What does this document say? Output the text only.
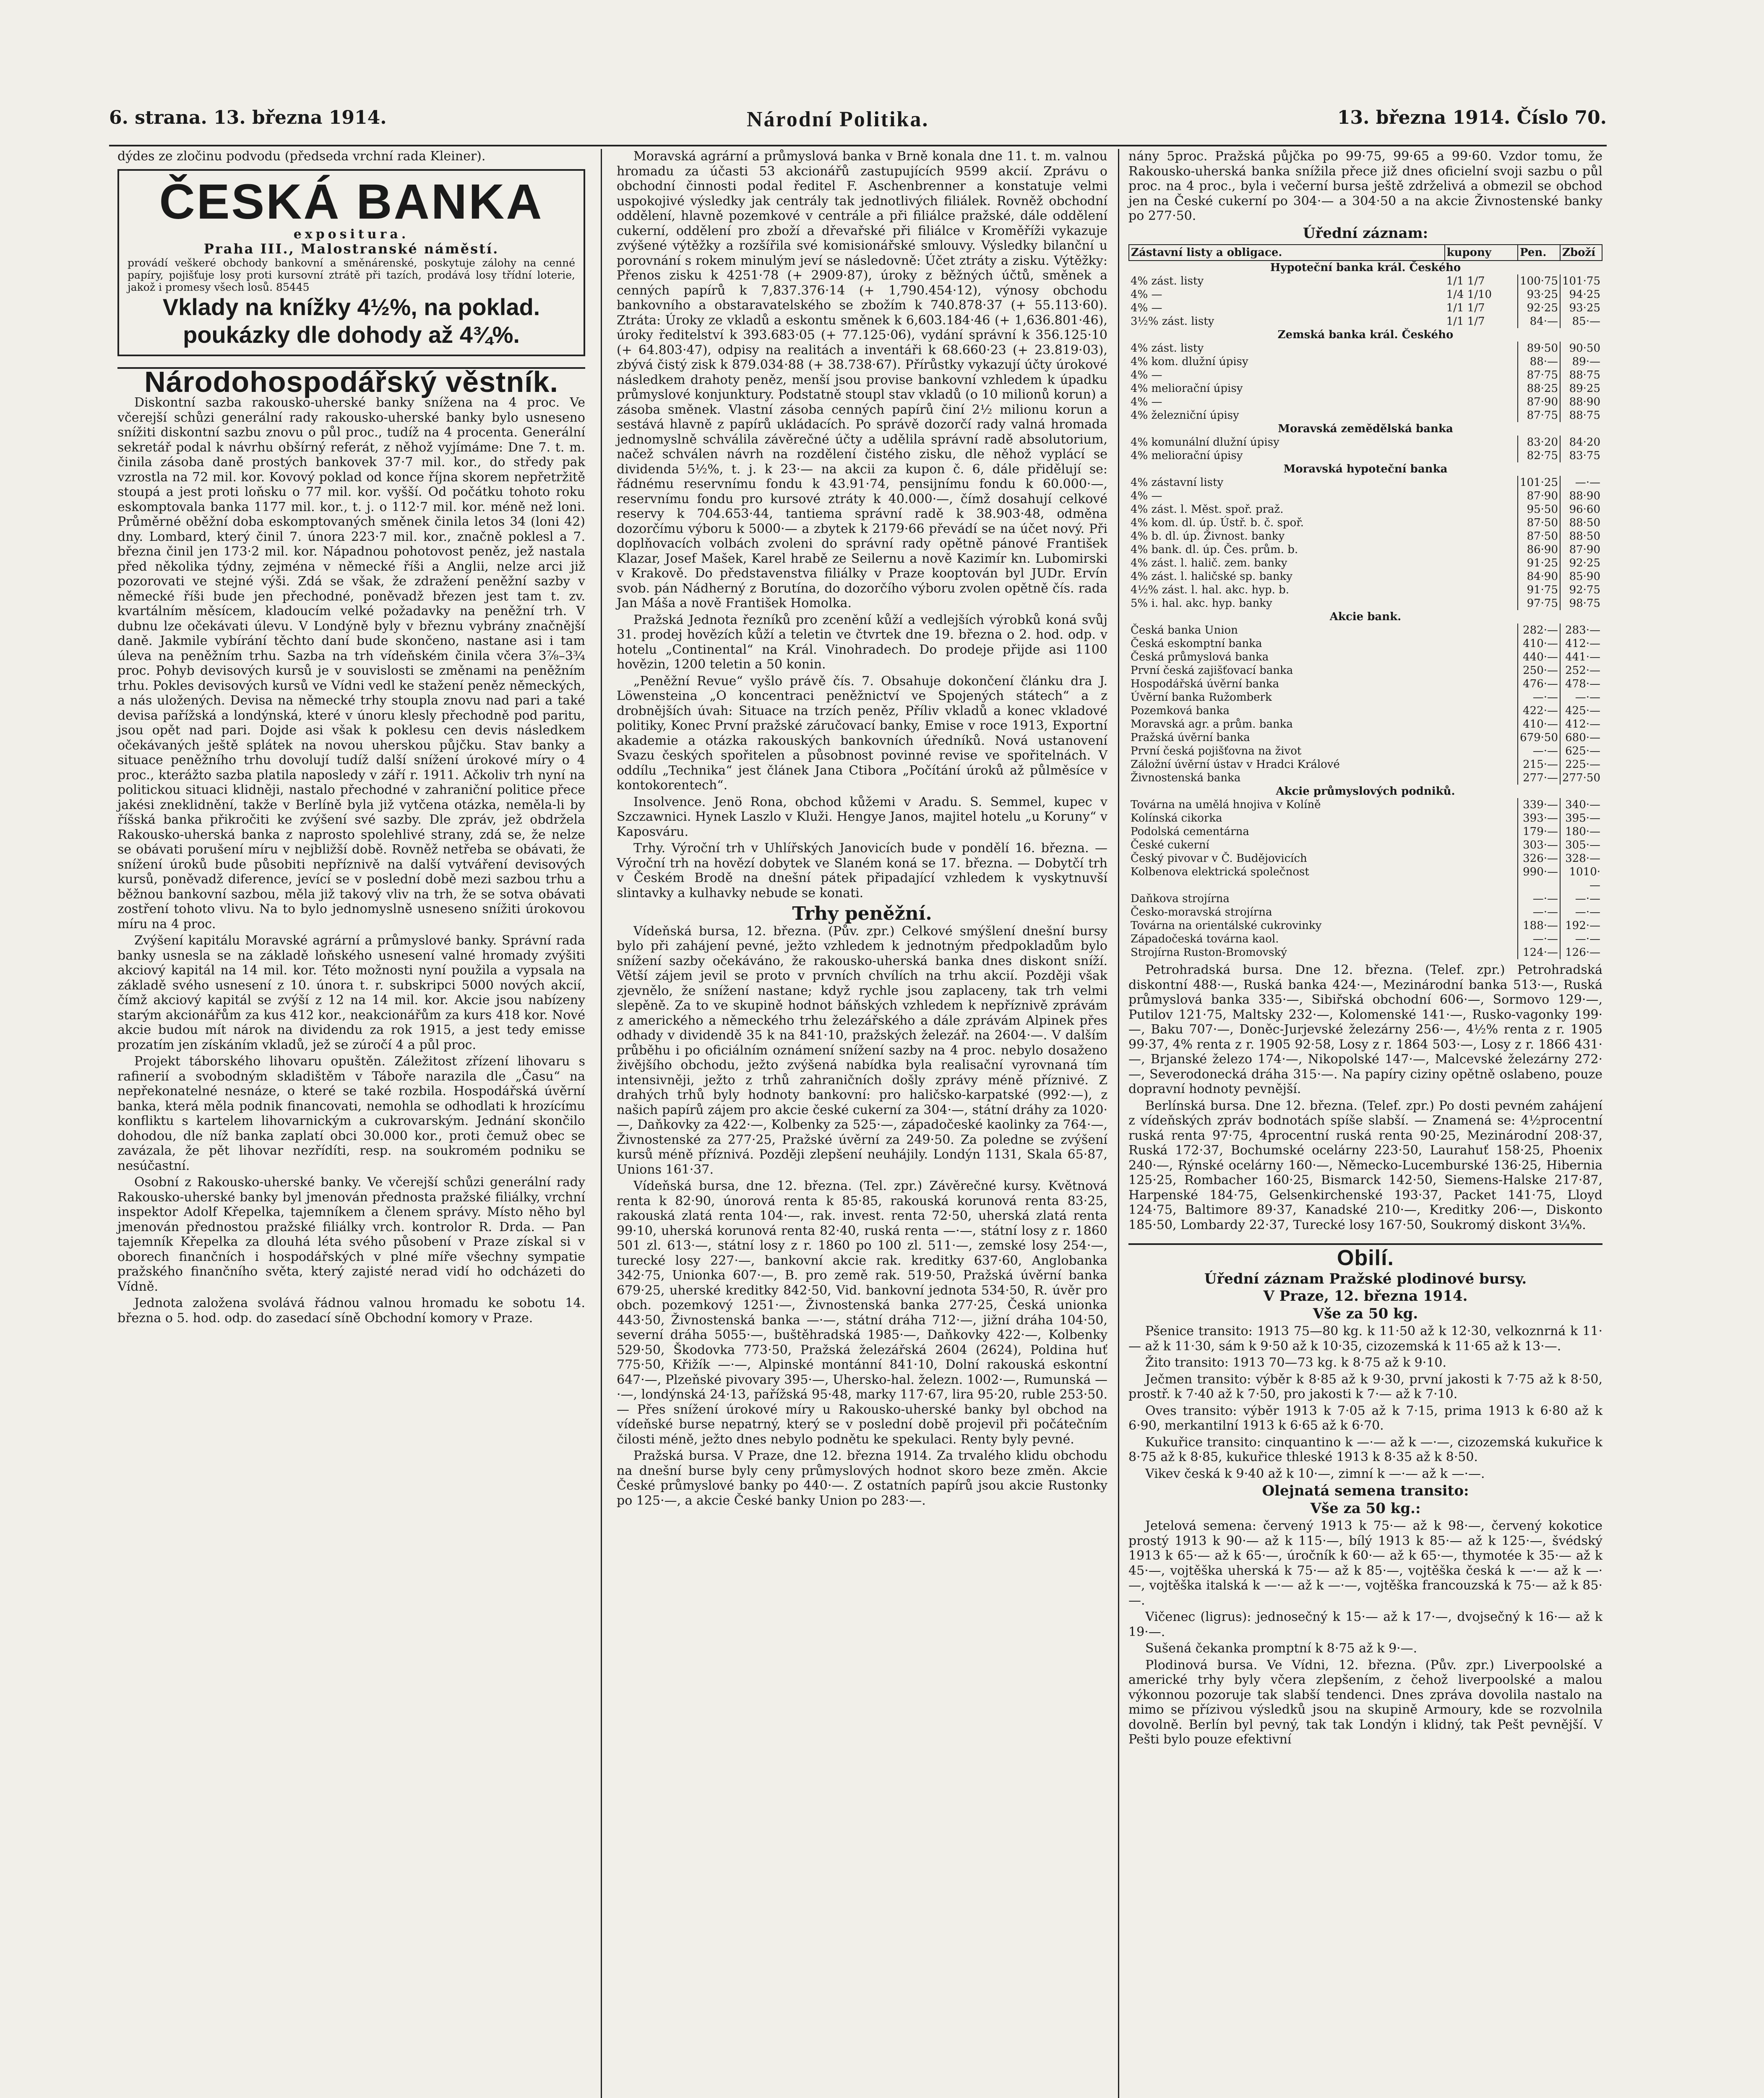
6. strana. 13. března 1914.	Národní Politika.	13. března 1914. Číslo 70.

dýdes ze zločinu podvodu (předseda vrchní rada Kleiner).

ČESKÁ BANKA
expositura.
Praha III., Malostranské náměstí.
provádí veškeré obchody bankovní a směnárenské, poskytuje zálohy na cenné papíry, pojišťuje losy proti kursovní ztrátě při tazích, prodává losy třídní loterie, jakož i promesy všech losů. 85445
Vklady na knížky 4½%, na poklad.
poukázky dle dohody až 4¾%.
Národohospodářský věstník.

Diskontní sazba rakousko-uherské banky snížena na 4 proc. Ve včerejší schůzi generální rady rakousko-uherské banky bylo usneseno snížiti diskontní sazbu znovu o půl proc., tudíž na 4 procenta. Generální sekretář podal k návrhu obšírný referát, z něhož vyjímáme: Dne 7. t. m. činila zásoba daně prostých bankovek 37·7 mil. kor., do středy pak vzrostla na 72 mil. kor. Kovový poklad od konce října skorem nepřetržitě stoupá a jest proti loňsku o 77 mil. kor. vyšší. Od počátku tohoto roku eskomptovala banka 1177 mil. kor., t. j. o 112·7 mil. kor. méně než loni. Průměrné oběžní doba eskomptovaných směnek činila letos 34 (loni 42) dny. Lombard, který činil 7. února 223·7 mil. kor., značně poklesl a 7. března činil jen 173·2 mil. kor. Nápadnou pohotovost peněz, jež nastala před několika týdny, zejména v německé říši a Anglii, nelze arci již pozorovati ve stejné výši. Zdá se však, že zdražení peněžní sazby v německé říši bude jen přechodné, poněvadž březen jest tam t. zv. kvartálním měsícem, kladoucím velké požadavky na peněžní trh. V dubnu lze očekávati úlevu. V Londýně byly v březnu vybrány značnější daně. Jakmile vybírání těchto daní bude skončeno, nastane asi i tam úleva na peněžním trhu. Sazba na trh vídeňském činila včera 3⅞–3¾ proc. Pohyb devisových kursů je v souvislosti se změnami na peněžním trhu. Pokles devisových kursů ve Vídni vedl ke stažení peněz německých, a nás uložených. Devisa na německé trhy stoupla znovu nad pari a také devisa pařížská a londýnská, které v únoru klesly přechodně pod paritu, jsou opět nad pari. Dojde asi však k poklesu cen devis následkem očekávaných ještě splátek na novou uherskou půjčku. Stav banky a situace peněžního trhu dovolují tudíž další snížení úrokové míry o 4 proc., kterážto sazba platila naposledy v září r. 1911. Ačkoliv trh nyní na politickou situaci klidněji, nastalo přechodné v zahraniční politice přece jakési zneklidnění, takže v Berlíně byla již vytčena otázka, neměla-li by říšská banka přikročiti ke zvýšení své sazby. Dle zpráv, jež obdržela Rakousko-uherská banka z naprosto spolehlivé strany, zdá se, že nelze se obávati porušení míru v nejbližší době. Rovněž netřeba se obávati, že snížení úroků bude působiti nepříznivě na další vytváření devisových kursů, poněvadž diference, jevící se v poslední době mezi sazbou trhu a běžnou bankovní sazbou, měla již takový vliv na trh, že se sotva obávati zostření tohoto vlivu. Na to bylo jednomyslně usneseno snížiti úrokovou míru na 4 proc.

Zvýšení kapitálu Moravské agrární a průmyslové banky. Správní rada banky usnesla se na základě loňského usnesení valné hromady zvýšiti akciový kapitál na 14 mil. kor. Této možnosti nyní použila a vypsala na základě svého usnesení z 10. února t. r. subskripci 5000 nových akcií, čímž akciový kapitál se zvýší z 12 na 14 mil. kor. Akcie jsou nabízeny starým akcionářům za kus 412 kor., neakcionářům za kurs 418 kor. Nové akcie budou mít nárok na dividendu za rok 1915, a jest tedy emisse prozatím jen získáním vkladů, jež se zúročí 4 a půl proc.

Projekt táborského lihovaru opuštěn. Záležitost zřízení lihovaru s rafinerií a svobodným skladištěm v Táboře narazila dle „Času“ na nepřekonatelné nesnáze, o které se také rozbila. Hospodářská úvěrní banka, která měla podnik financovati, nemohla se odhodlati k hrozícímu konfliktu s kartelem lihovarnickým a cukrovarským. Jednání skončilo dohodou, dle níž banka zaplatí obci 30.000 kor., proti čemuž obec se zavázala, že pět lihovar nezřídíti, resp. na soukromém podniku se nesúčastní.

Osobní z Rakousko-uherské banky. Ve včerejší schůzi generální rady Rakousko-uherské banky byl jmenován přednosta pražské filiálky, vrchní inspektor Adolf Křepelka, tajemníkem a členem správy. Místo něho byl jmenován přednostou pražské filiálky vrch. kontrolor R. Drda. — Pan tajemník Křepelka za dlouhá léta svého působení v Praze získal si v oborech finančních i hospodářských v plné míře všechny sympatie pražského finančního světa, který zajisté nerad vidí ho odcházeti do Vídně.

Jednota založena svolává řádnou valnou hromadu ke sobotu 14. března o 5. hod. odp. do zasedací síně Obchodní komory v Praze.

Moravská agrární a průmyslová banka v Brně konala dne 11. t. m. valnou hromadu za účasti 53 akcionářů zastupujících 9599 akcií. Zprávu o obchodní činnosti podal ředitel F. Aschenbrenner a konstatuje velmi uspokojivé výsledky jak centrály tak jednotlivých filiálek. Rovněž obchodní oddělení, hlavně pozemkové v centrále a při filiálce pražské, dále oddělení cukerní, oddělení pro zboží a dřevařské při filiálce v Kroměříži vykazuje zvýšené výtěžky a rozšířila své komisionářské smlouvy. Výsledky bilanční u porovnání s rokem minulým jeví se následovně: Účet ztráty a zisku. Výtěžky: Přenos zisku k 4251·78 (+ 2909·87), úroky z běžných účtů, směnek a cenných papírů k 7,837.376·14 (+ 1,790.454·12), výnosy obchodu bankovního a obstaravatelského se zbožím k 740.878·37 (+ 55.113·60). Ztráta: Úroky ze vkladů a eskontu směnek k 6,603.184·46 (+ 1,636.801·46), úroky ředitelství k 393.683·05 (+ 77.125·06), vydání správní k 356.125·10 (+ 64.803·47), odpisy na realitách a inventáři k 68.660·23 (+ 23.819·03), zbývá čistý zisk k 879.034·88 (+ 38.738·67). Přírůstky vykazují účty úrokové následkem drahoty peněz, menší jsou provise bankovní vzhledem k úpadku průmyslové konjunktury. Podstatně stoupl stav vkladů (o 10 milionů korun) a zásoba směnek. Vlastní zásoba cenných papírů činí 2½ milionu korun a sestává hlavně z papírů ukládacích. Po správě dozorčí rady valná hromada jednomyslně schválila závěrečné účty a udělila správní radě absolutorium, načež schválen návrh na rozdělení čistého zisku, dle něhož vyplácí se dividenda 5½%, t. j. k 23·— na akcii za kupon č. 6, dále přidělují se: řádnému reservnímu fondu k 43.91·74, pensijnímu fondu k 60.000·—, reservnímu fondu pro kursové ztráty k 40.000·—, čímž dosahují celkové reservy k 704.653·44, tantiema správní radě k 38.903·48, odměna dozorčímu výboru k 5000·— a zbytek k 2179·66 převádí se na účet nový. Při doplňovacích volbách zvoleni do správní rady opětně pánové František Klazar, Josef Mašek, Karel hrabě ze Seilernu a nově Kazimír kn. Lubomirski v Krakově. Do představenstva filiálky v Praze kooptován byl JUDr. Ervín svob. pán Nádherný z Borutína, do dozorčího výboru zvolen opětně čís. rada Jan Máša a nově František Homolka.

Pražská Jednota řezníků pro zcenění kůží a vedlejších výrobků koná svůj 31. prodej hovězích kůží a teletin ve čtvrtek dne 19. března o 2. hod. odp. v hotelu „Continental“ na Král. Vinohradech. Do prodeje přijde asi 1100 hovězin, 1200 teletin a 50 konin.

„Peněžní Revue“ vyšlo právě čís. 7. Obsahuje dokončení článku dra J. Löwensteina „O koncentraci peněžnictví ve Spojených státech“ a z drobnějších úvah: Situace na trzích peněz, Příliv vkladů a konec vkladové politiky, Konec První pražské záručovací banky, Emise v roce 1913, Exportní akademie a otázka rakouských bankovních úředníků. Nová ustanovení Svazu českých spořitelen a působnost povinné revise ve spořitelnách. V oddílu „Technika“ jest článek Jana Ctibora „Počítání úroků až půlměsíce v kontokorentech“.

Insolvence. Jenö Rona, obchod kůžemi v Aradu. S. Semmel, kupec v Szczawnici. Hynek Laszlo v Kluži. Hengye Janos, majitel hotelu „u Koruny“ v Kaposváru.

Trhy. Výroční trh v Uhlířských Janovicích bude v pondělí 16. března. — Výroční trh na hovězí dobytek ve Slaném koná se 17. března. — Dobytčí trh v Českém Brodě na dnešní pátek připadající vzhledem k vyskytnuvší slintavky a kulhavky nebude se konati.

Trhy peněžní.

Vídeňská bursa, 12. března. (Pův. zpr.) Celkové smýšlení dnešní bursy bylo při zahájení pevné, ježto vzhledem k jednotným předpokladům bylo snížení sazby očekáváno, že rakousko-uherská banka dnes diskont sníží. Větší zájem jevil se proto v prvních chvílích na trhu akcií. Později však zjevnělo, že snížení nastane; když rychle jsou zaplaceny, tak trh velmi slepěně. Za to ve skupině hodnot báňských vzhledem k nepříznivě zprávám z amerického a německého trhu železářského a dále zprávám Alpinek přes odhady v dividendě 35 k na 841·10, pražských železář. na 2604·—. V dalším průběhu i po oficiálním oznámení snížení sazby na 4 proc. nebylo dosaženo živějšího obchodu, ježto zvýšená nabídka byla realisační vyrovnaná tím intensivněji, ježto z trhů zahraničních došly zprávy méně příznivé. Z drahých trhů byly hodnoty bankovní: pro haličsko-karpatské (992·—), z našich papírů zájem pro akcie české cukerní za 304·—, státní dráhy za 1020·—, Daňkovky za 422·—, Kolbenky za 525·—, západočeské kaolinky za 764·—, Živnostenské za 277·25, Pražské úvěrní za 249·50. Za poledne se zvýšení kursů méně příznivá. Později zlepšení neuhájily. Londýn 1131, Skala 65·87, Unions 161·37.

Vídeňská bursa, dne 12. března. (Tel. zpr.) Závěrečné kursy. Květnová renta k 82·90, únorová renta k 85·85, rakouská korunová renta 83·25, rakouská zlatá renta 104·—, rak. invest. renta 72·50, uherská zlatá renta 99·10, uherská korunová renta 82·40, ruská renta —·—, státní losy z r. 1860 501 zl. 613·—, státní losy z r. 1860 po 100 zl. 511·—, zemské losy 254·—, turecké losy 227·—, bankovní akcie rak. kreditky 637·60, Anglobanka 342·75, Unionka 607·—, B. pro země rak. 519·50, Pražská úvěrní banka 679·25, uherské kreditky 842·50, Vid. bankovní jednota 534·50, R. úvěr pro obch. pozemkový 1251·—, Živnostenská banka 277·25, Česká unionka 443·50, Živnostenská banka —·—, státní dráha 712·—, jižní dráha 104·50, severní dráha 5055·—, buštěhradská 1985·—, Daňkovky 422·—, Kolbenky 529·50, Škodovka 773·50, Pražská železářská 2604 (2624), Poldina huť 775·50, Křižík —·—, Alpinské montánní 841·10, Dolní rakouská eskontní 647·—, Plzeňské pivovary 395·—, Uhersko-hal. železn. 1002·—, Rumunská —·—, londýnská 24·13, pařížská 95·48, marky 117·67, lira 95·20, ruble 253·50. — Přes snížení úrokové míry u Rakousko-uherské banky byl obchod na vídeňské burse nepatrný, který se v poslední době projevil při počátečním čilosti méně, ježto dnes nebylo podnětu ke spekulaci. Renty byly pevné.

Pražská bursa. V Praze, dne 12. března 1914. Za trvalého klidu obchodu na dnešní burse byly ceny průmyslových hodnot skoro beze změn. Akcie České průmyslové banky po 440·—. Z ostatních papírů jsou akcie Rustonky po 125·—, a akcie České banky Union po 283·—.

nány 5proc. Pražská půjčka po 99·75, 99·65 a 99·60. Vzdor tomu, že Rakousko-uherská banka snížila přece již dnes oficielní svoji sazbu o půl proc. na 4 proc., byla i večerní bursa ještě zdrželivá a obmezil se obchod jen na České cukerní po 304·— a 304·50 a na akcie Živnostenské banky po 277·50.

Úřední záznam:
Zástavní listy a obligace.	kupony	Pen.	Zboží
Hypoteční banka král. Českého			
4% zást. listy	1/1 1/7	100·75	101·75
4% —	1/4 1/10	93·25	94·25
4% —	1/1 1/7	92·25	93·25
3½% zást. listy	1/1 1/7	84·—	85·—
Zemská banka král. Českého			
4% zást. listy		89·50	90·50
4% kom. dlužní úpisy		88·—	89·—
4% —		87·75	88·75
4% meliorační úpisy		88·25	89·25
4% —		87·90	88·90
4% železniční úpisy		87·75	88·75
Moravská zemědělská banka			
4% komunální dlužní úpisy		83·20	84·20
4% meliorační úpisy		82·75	83·75
Moravská hypoteční banka			
4% zástavní listy		101·25	—·—
4% —		87·90	88·90
4% zást. l. Měst. spoř. praž.		95·50	96·60
4% kom. dl. úp. Ústř. b. č. spoř.		87·50	88·50
4% b. dl. úp. Živnost. banky		87·50	88·50
4% bank. dl. úp. Čes. prům. b.		86·90	87·90
4% zást. l. halič. zem. banky		91·25	92·25
4% zást. l. haličské sp. banky		84·90	85·90
4½% zást. l. hal. akc. hyp. b.		91·75	92·75
5% i. hal. akc. hyp. banky		97·75	98·75
Akcie bank.			
Česká banka Union		282·—	283·—
Česká eskomptní banka		410·—	412·—
Česká průmyslová banka		440·—	441·—
První česká zajišťovací banka		250·—	252·—
Hospodářská úvěrní banka		476·—	478·—
Úvěrní banka Ružomberk		—·—	—·—
Pozemková banka		422·—	425·—
Moravská agr. a prům. banka		410·—	412·—
Pražská úvěrní banka		679·50	680·—
První česká pojišťovna na život		—·—	625·—
Záložní úvěrní ústav v Hradci Králové		215·—	225·—
Živnostenská banka		277·—	277·50
Akcie průmyslových podniků.			
Továrna na umělá hnojiva v Kolíně		339·—	340·—
Kolínská cikorka		393·—	395·—
Podolská cementárna		179·—	180·—
České cukerní		303·—	305·—
Český pivovar v Č. Budějovicích		326·—	328·—
Kolbenova elektrická společnost		990·—	1010·—
Daňkova strojírna		—·—	—·—
Česko-moravská strojírna		—·—	—·—
Továrna na orientálské cukrovinky		188·—	192·—
Západočeská továrna kaol.		—·—	—·—
Strojírna Ruston-Bromovský		124·—	126·—

Petrohradská bursa. Dne 12. března. (Telef. zpr.) Petrohradská diskontní 488·—, Ruská banka 424·—, Mezinárodní banka 513·—, Ruská průmyslová banka 335·—, Sibiřská obchodní 606·—, Sormovo 129·—, Putilov 121·75, Maltsky 232·—, Kolomenské 141·—, Rusko-vagonky 199·—, Baku 707·—, Doněc-Jurjevské železárny 256·—, 4½% renta z r. 1905 99·37, 4% renta z r. 1905 92·58, Losy z r. 1864 503·—, Losy z r. 1866 431·—, Brjanské železo 174·—, Nikopolské 147·—, Malcevské železárny 272·—, Severodonecká dráha 315·—. Na papíry ciziny opětně oslabeno, pouze dopravní hodnoty pevnější.

Berlínská bursa. Dne 12. března. (Telef. zpr.) Po dosti pevném zahájení z vídeňských zpráv bodnotách spíše slabší. — Znamená se: 4½procentní ruská renta 97·75, 4procentní ruská renta 90·25, Mezinárodní 208·37, Ruská 172·37, Bochumské ocelárny 223·50, Laurahuť 158·25, Phoenix 240·—, Rýnské ocelárny 160·—, Německo-Lucemburské 136·25, Hibernia 125·25, Rombacher 160·25, Bismarck 142·50, Siemens-Halske 217·87, Harpenské 184·75, Gelsenkirchenské 193·37, Packet 141·75, Lloyd 124·75, Baltimore 89·37, Kanadské 210·—, Kreditky 206·—, Diskonto 185·50, Lombardy 22·37, Turecké losy 167·50, Soukromý diskont 3¼%.

Obilí.
Úřední záznam Pražské plodinové bursy.
V Praze, 12. března 1914.
Vše za 50 kg.

Pšenice transito: 1913 75—80 kg. k 11·50 až k 12·30, velkoznrná k 11·— až k 11·30, sám k 9·50 až k 10·35, cizozemská k 11·65 až k 13·—.

Žito transito: 1913 70—73 kg. k 8·75 až k 9·10.

Ječmen transito: výběr k 8·85 až k 9·30, první jakosti k 7·75 až k 8·50, prostř. k 7·40 až k 7·50, pro jakosti k 7·— až k 7·10.

Oves transito: výběr 1913 k 7·05 až k 7·15, prima 1913 k 6·80 až k 6·90, merkantilní 1913 k 6·65 až k 6·70.

Kukuřice transito: cinquantino k —·— až k —·—, cizozemská kukuřice k 8·75 až k 8·85, kukuřice thleské 1913 k 8·35 až k 8·50.

Vikev česká k 9·40 až k 10·—, zimní k —·— až k —·—.

Olejnatá semena transito:
Vše za 50 kg.:

Jetelová semena: červený 1913 k 75·— až k 98·—, červený kokotice prostý 1913 k 90·— až k 115·—, bílý 1913 k 85·— až k 125·—, švédský 1913 k 65·— až k 65·—, úročník k 60·— až k 65·—, thymotée k 35·— až k 45·—, vojtěška uherská k 75·— až k 85·—, vojtěška česká k —·— až k —·—, vojtěška italská k —·— až k —·—, vojtěška francouzská k 75·— až k 85·—.

Vičenec (ligrus): jednosečný k 15·— až k 17·—, dvojsečný k 16·— až k 19·—.

Sušená čekanka promptní k 8·75 až k 9·—.

Plodinová bursa. Ve Vídni, 12. března. (Pův. zpr.) Liverpoolské a americké trhy byly včera zlepšením, z čehož liverpoolské a malou výkonnou pozoruje tak slabší tendenci. Dnes zpráva dovolila nastalo na mimo se přízivou výsledků jsou na skupině Armoury, kde se rozvolnila dovolně. Berlín byl pevný, tak tak Londýn i klidný, tak Pešt pevnější. V Pešti bylo pouze efektivní
